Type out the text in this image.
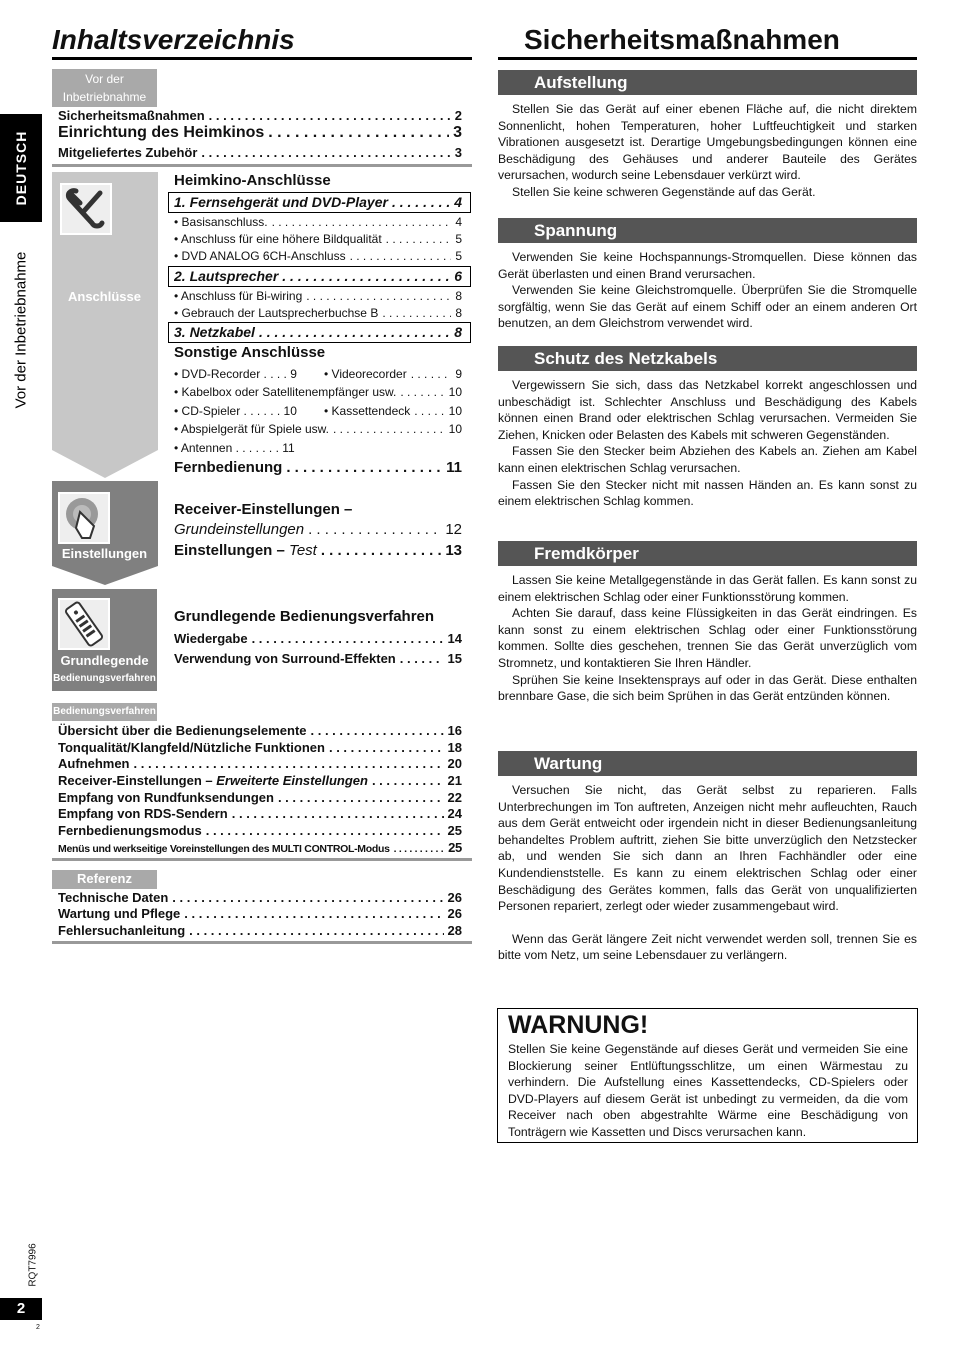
DEUTSCH
Vor der Inbetriebnahme
RQT7996
2
2
Inhaltsverzeichnis	Sicherheitsmaßnahmen
Vor der Inbetriebnahme
Sicherheitsmaßnahmen . . .	2
Einrichtung des Heimkinos . . .	3
Mitgeliefertes Zubehör . . .	3
Anschlüsse
Heimkino-Anschlüsse
1. Fernsehgerät und DVD-Player . . .	4
• Basisanschluss. . . .	4
• Anschluss für eine höhere Bildqualität . . .	5
• DVD ANALOG 6CH-Anschluss . . .	5
2. Lautsprecher . . .	6
• Anschluss für Bi-wiring . . .	8
• Gebrauch der Lautsprecherbuchse B . . .	8
3. Netzkabel . . .	8
Sonstige Anschlüsse
• DVD-Recorder . . . . 9	• Videorecorder . . .	9
• Kabelbox oder Satellitenempfänger usw. . . .	10
• CD-Spieler . . . . . . 10	• Kassettendeck . . .	10
• Abspielgerät für Spiele usw. . . .	10
• Antennen . . . . . . . 11
Fernbedienung . . .	11
Einstellungen
Receiver-Einstellungen –
Grundeinstellungen . . .	12
Einstellungen – Test . . .	13
Grundlegende
Bedienungsverfahren
Grundlegende Bedienungsverfahren
Wiedergabe . . .	14
Verwendung von Surround-Effekten . . .	15
Bedienungsverfahren
Übersicht über die Bedienungselemente . . .	16
Tonqualität/Klangfeld/Nützliche Funktionen . . .	18
Aufnehmen . . .	20
Receiver-Einstellungen – Erweiterte Einstellungen . . .	21
Empfang von Rundfunksendungen . . .	22
Empfang von RDS-Sendern . . .	24
Fernbedienungsmodus . . .	25
Menüs und werkseitige Voreinstellungen des MULTI CONTROL-Modus . . .	25
Referenz
Technische Daten . . .	26
Wartung und Pflege . . .	26
Fehlersuchanleitung . . .	28
Aufstellung

Stellen Sie das Gerät auf einer ebenen Fläche auf, die nicht direktem Sonnenlicht, hohen Temperaturen, hoher Luftfeuchtigkeit und starken Vibrationen ausgesetzt ist. Derartige Umgebungsbedingungen können eine Beschädigung des Gehäuses und anderer Bauteile des Gerätes verursachen, wodurch seine Lebensdauer verkürzt wird.

Stellen Sie keine schweren Gegenstände auf das Gerät.

Spannung

Verwenden Sie keine Hochspannungs-Stromquellen. Diese können das Gerät überlasten und einen Brand verursachen.

Verwenden Sie keine Gleichstromquelle. Überprüfen Sie die Stromquelle sorgfältig, wenn Sie das Gerät auf einem Schiff oder an einem anderen Ort benutzen, an dem Gleichstrom verwendet wird.

Schutz des Netzkabels

Vergewissern Sie sich, dass das Netzkabel korrekt angeschlossen und unbeschädigt ist. Schlechter Anschluss und Beschädigung des Kabels können einen Brand oder elektrischen Schlag verursachen. Vermeiden Sie Ziehen, Knicken oder Belasten des Kabels mit schweren Gegenständen.

Fassen Sie den Stecker beim Abziehen des Kabels an. Ziehen am Kabel kann einen elektrischen Schlag verursachen.

Fassen Sie den Stecker nicht mit nassen Händen an. Es kann sonst zu einem elektrischen Schlag kommen.

Fremdkörper

Lassen Sie keine Metallgegenstände in das Gerät fallen. Es kann sonst zu einem elektrischen Schlag oder einer Funktionsstörung kommen.

Achten Sie darauf, dass keine Flüssigkeiten in das Gerät eindringen. Es kann sonst zu einem elektrischen Schlag oder einer Funktionsstörung kommen. Sollte dies geschehen, trennen Sie das Gerät unverzüglich vom Stromnetz, und kontaktieren Sie Ihren Händler.

Sprühen Sie keine Insektensprays auf oder in das Gerät. Diese enthalten brennbare Gase, die sich beim Sprühen in das Gerät entzünden können.

Wartung

Versuchen Sie nicht, das Gerät selbst zu reparieren. Falls Unterbrechungen im Ton auftreten, Anzeigen nicht mehr aufleuchten, Rauch aus dem Gerät entweicht oder irgendein nicht in dieser Bedienungsanleitung behandeltes Problem auftritt, ziehen Sie bitte unverzüglich den Netzstecker ab, und wenden Sie sich dann an Ihren Fachhändler oder eine Kundendienststelle. Es kann zu einem elektrischen Schlag oder einer Beschädigung des Gerätes kommen, falls das Gerät von unqualifizierten Personen repariert, zerlegt oder wieder zusammengebaut wird.

Wenn das Gerät längere Zeit nicht verwendet werden soll, trennen Sie es bitte vom Netz, um seine Lebensdauer zu verlängern.

WARNUNG!
Stellen Sie keine Gegenstände auf dieses Gerät und vermeiden Sie eine Blockierung seiner Entlüftungsschlitze, um einen Wärmestau zu verhindern. Die Aufstellung eines Kassettendecks, CD-Spielers oder DVD-Players auf diesem Gerät ist unbedingt zu vermeiden, da die vom Receiver nach oben abgestrahlte Wärme eine Beschädigung von Tonträgern wie Kassetten und Discs verursachen kann.
